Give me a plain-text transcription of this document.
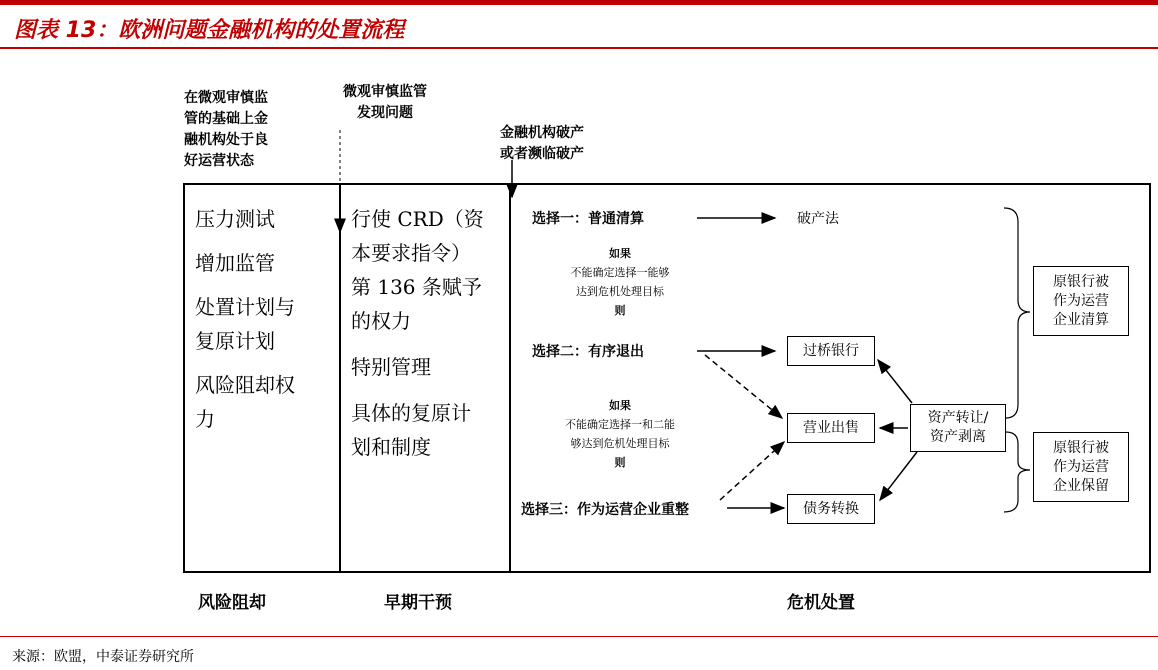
图表 13：欧洲问题金融机构的处置流程
在微观审慎监
管的基础上金
融机构处于良
好运营状态
微观审慎监管
发现问题
金融机构破产
或者濒临破产
压力测试
增加监管
处置计划与
复原计划
风险阻却权
力
行使 CRD（资
本要求指令）
第 136 条赋予
的权力
特别管理
具体的复原计
划和制度
选择一：普通清算	破产法
如果
不能确定选择一能够
达到危机处理目标
则
选择二：有序退出
如果
不能确定选择一和二能
够达到危机处理目标
则
选择三：作为运营企业重整
过桥银行
营业出售
债务转换
资产转让/
资产剥离
原银行被
作为运营
企业清算
原银行被
作为运营
企业保留
风险阻却	早期干预	危机处置
来源：欧盟，中泰证券研究所
